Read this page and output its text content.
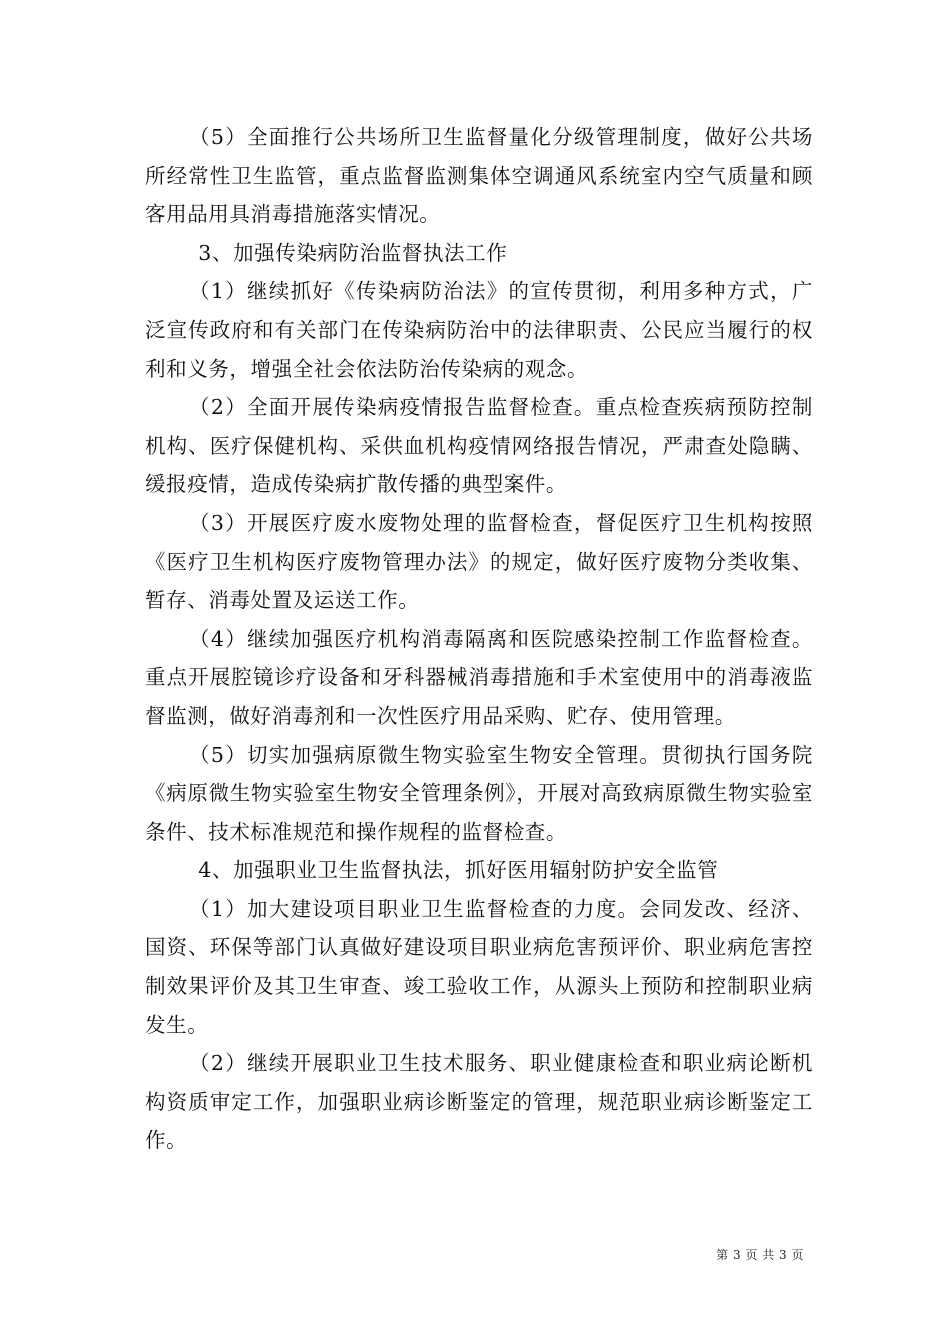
（5）全面推行公共场所卫生监督量化分级管理制度，做好公共场所经常性卫生监管，重点监督监测集体空调通风系统室内空气质量和顾客用品用具消毒措施落实情况。

3、加强传染病防治监督执法工作

（1）继续抓好《传染病防治法》的宣传贯彻，利用多种方式，广泛宣传政府和有关部门在传染病防治中的法律职责、公民应当履行的权利和义务，增强全社会依法防治传染病的观念。

（2）全面开展传染病疫情报告监督检查。重点检查疾病预防控制机构、医疗保健机构、采供血机构疫情网络报告情况，严肃查处隐瞒、缓报疫情，造成传染病扩散传播的典型案件。

（3）开展医疗废水废物处理的监督检查，督促医疗卫生机构按照《医疗卫生机构医疗废物管理办法》的规定，做好医疗废物分类收集、暂存、消毒处置及运送工作。

（4）继续加强医疗机构消毒隔离和医院感染控制工作监督检查。重点开展腔镜诊疗设备和牙科器械消毒措施和手术室使用中的消毒液监督监测，做好消毒剂和一次性医疗用品采购、贮存、使用管理。

（5）切实加强病原微生物实验室生物安全管理。贯彻执行国务院《病原微生物实验室生物安全管理条例》，开展对高致病原微生物实验室条件、技术标准规范和操作规程的监督检查。

4、加强职业卫生监督执法，抓好医用辐射防护安全监管

（1）加大建设项目职业卫生监督检查的力度。会同发改、经济、国资、环保等部门认真做好建设项目职业病危害预评价、职业病危害控制效果评价及其卫生审查、竣工验收工作，从源头上预防和控制职业病发生。

（2）继续开展职业卫生技术服务、职业健康检查和职业病论断机构资质审定工作，加强职业病诊断鉴定的管理，规范职业病诊断鉴定工作。

第 3 页 共 3 页
